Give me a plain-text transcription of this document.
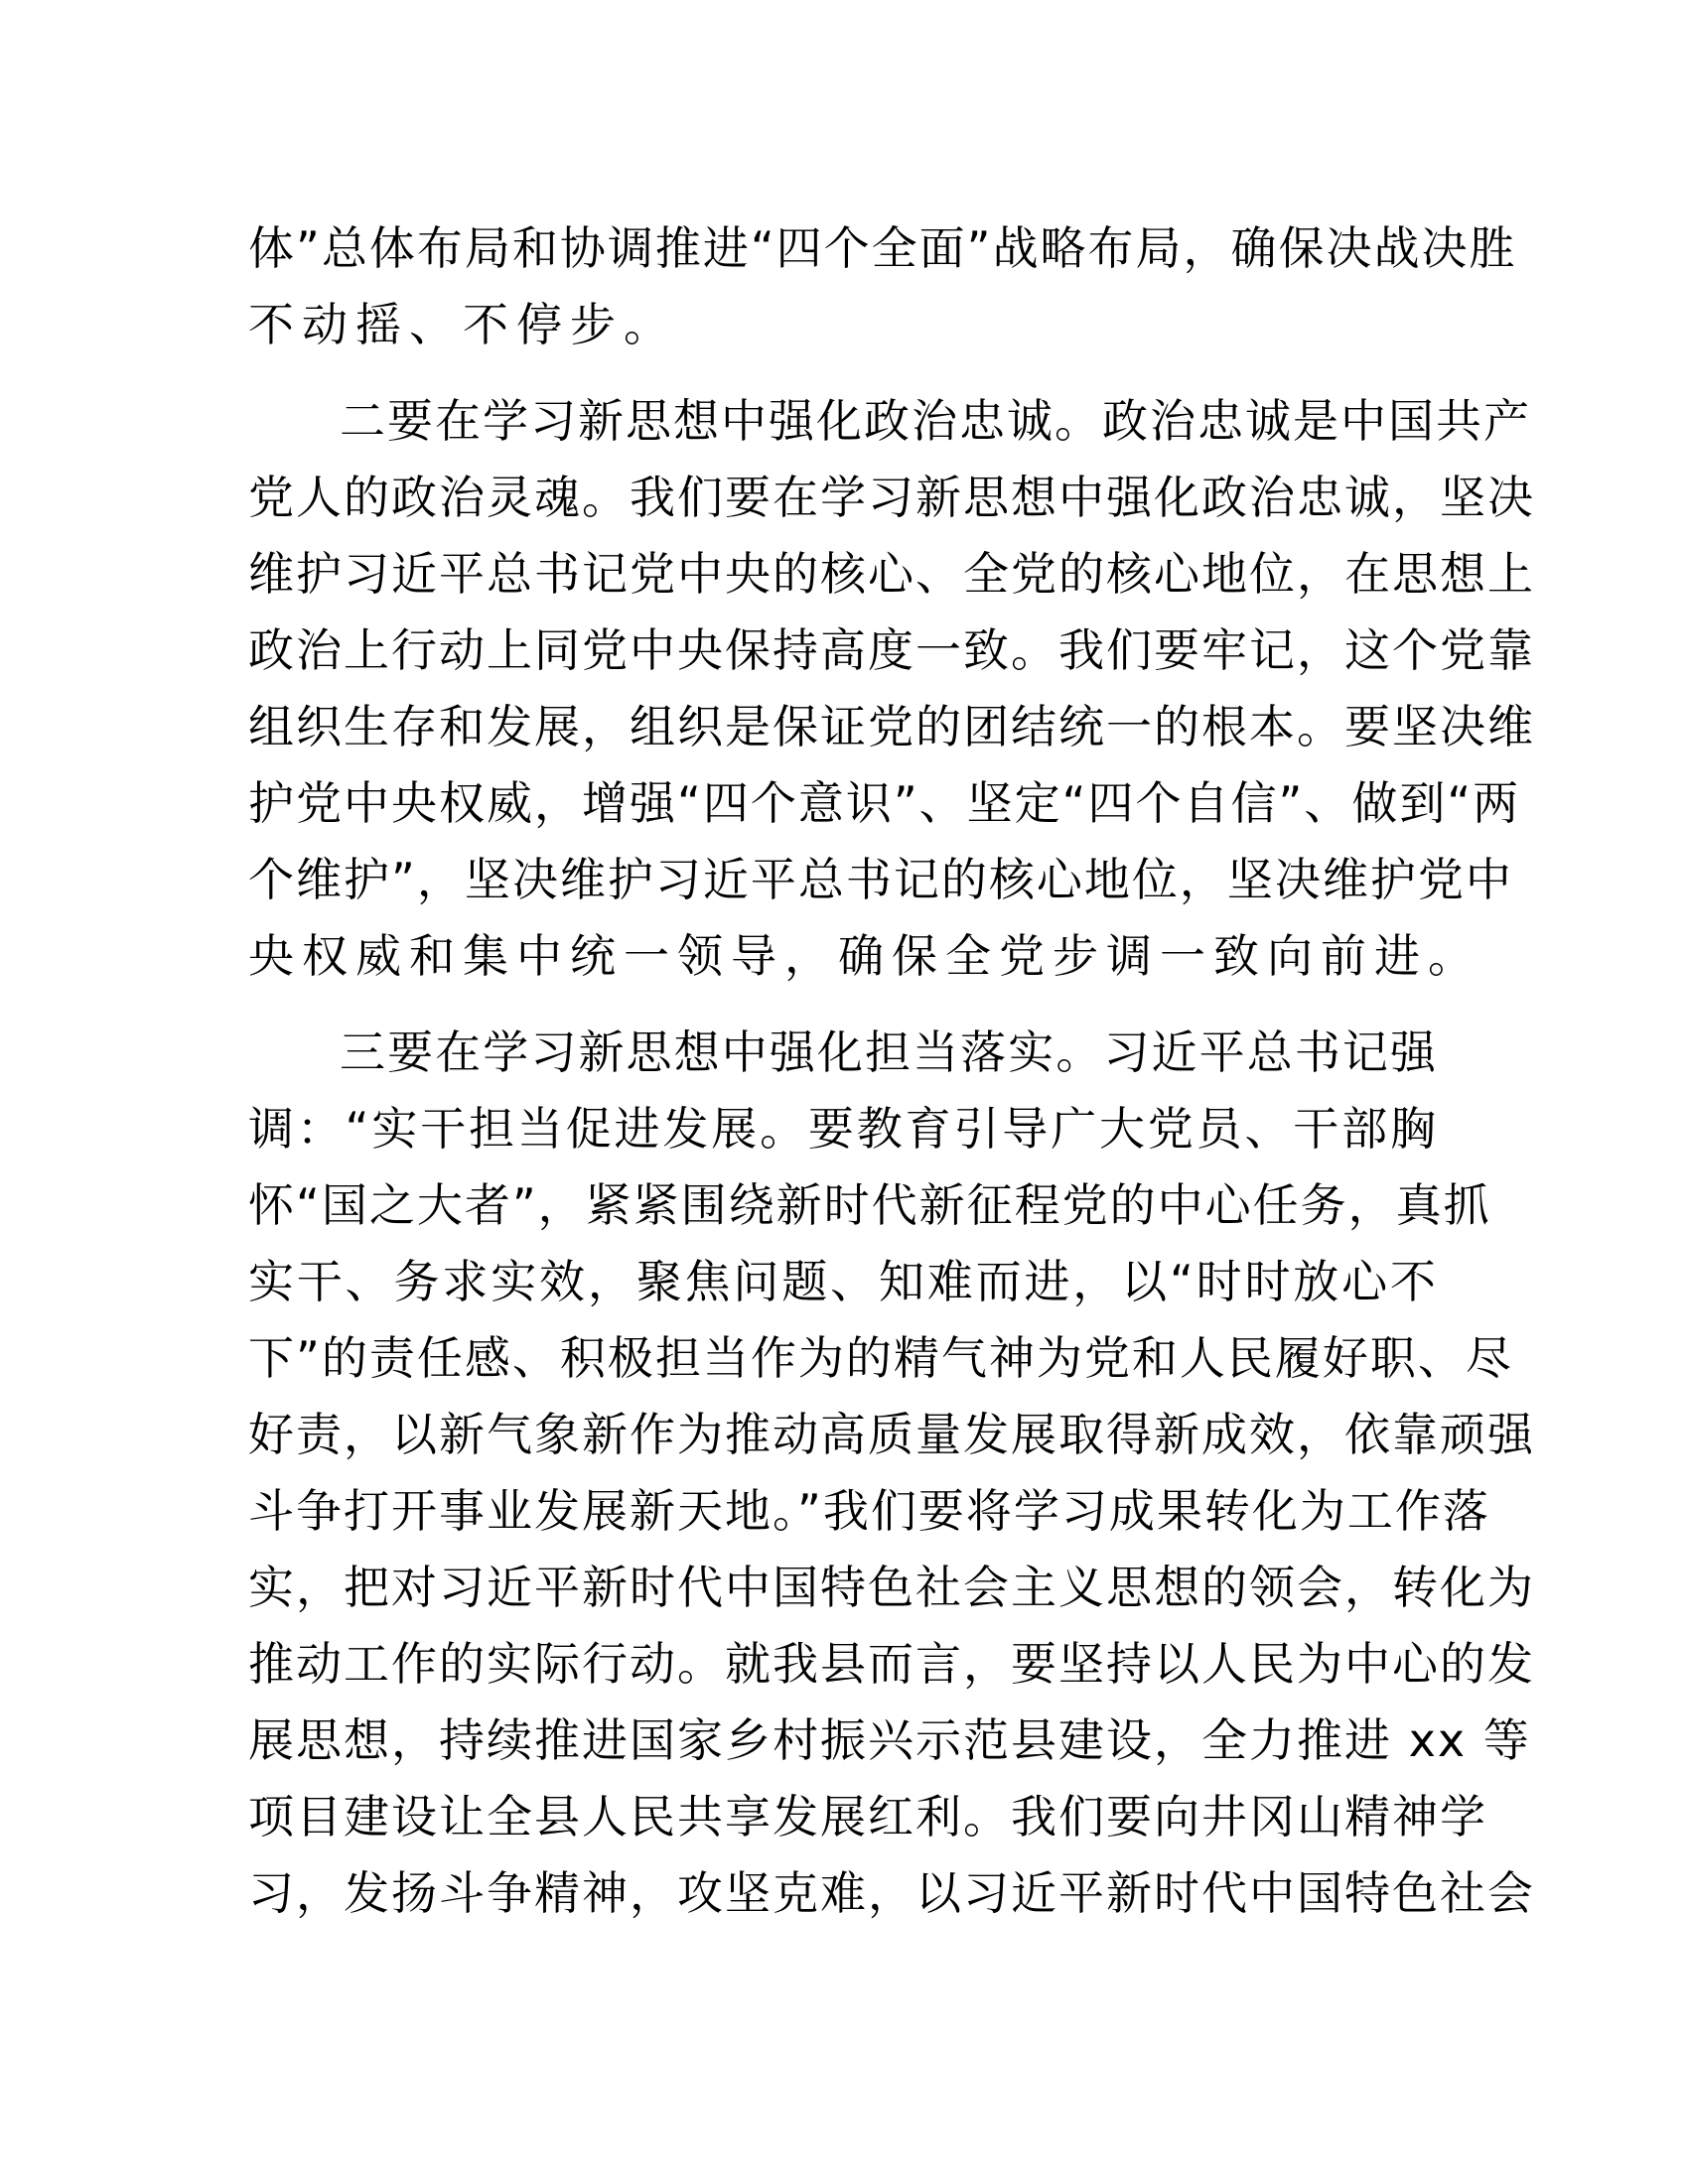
体”总体布局和协调推进“四个全面”战略布局，确保决战决胜
不动摇、不停步。
二要在学习新思想中强化政治忠诚。政治忠诚是中国共产
党人的政治灵魂。我们要在学习新思想中强化政治忠诚，坚决
维护习近平总书记党中央的核心、全党的核心地位，在思想上
政治上行动上同党中央保持高度一致。我们要牢记，这个党靠
组织生存和发展，组织是保证党的团结统一的根本。要坚决维
护党中央权威，增强“四个意识”、坚定“四个自信”、做到“两
个维护”，坚决维护习近平总书记的核心地位，坚决维护党中
央权威和集中统一领导，确保全党步调一致向前进。
三要在学习新思想中强化担当落实。习近平总书记强
调：“实干担当促进发展。要教育引导广大党员、干部胸
怀“国之大者”，紧紧围绕新时代新征程党的中心任务，真抓
实干、务求实效，聚焦问题、知难而进，以“时时放心不
下”的责任感、积极担当作为的精气神为党和人民履好职、尽
好责，以新气象新作为推动高质量发展取得新成效，依靠顽强
斗争打开事业发展新天地。”我们要将学习成果转化为工作落
实，把对习近平新时代中国特色社会主义思想的领会，转化为
推动工作的实际行动。就我县而言，要坚持以人民为中心的发
展思想，持续推进国家乡村振兴示范县建设，全力推进 xx 等
项目建设让全县人民共享发展红利。我们要向井冈山精神学
习，发扬斗争精神，攻坚克难，以习近平新时代中国特色社会
